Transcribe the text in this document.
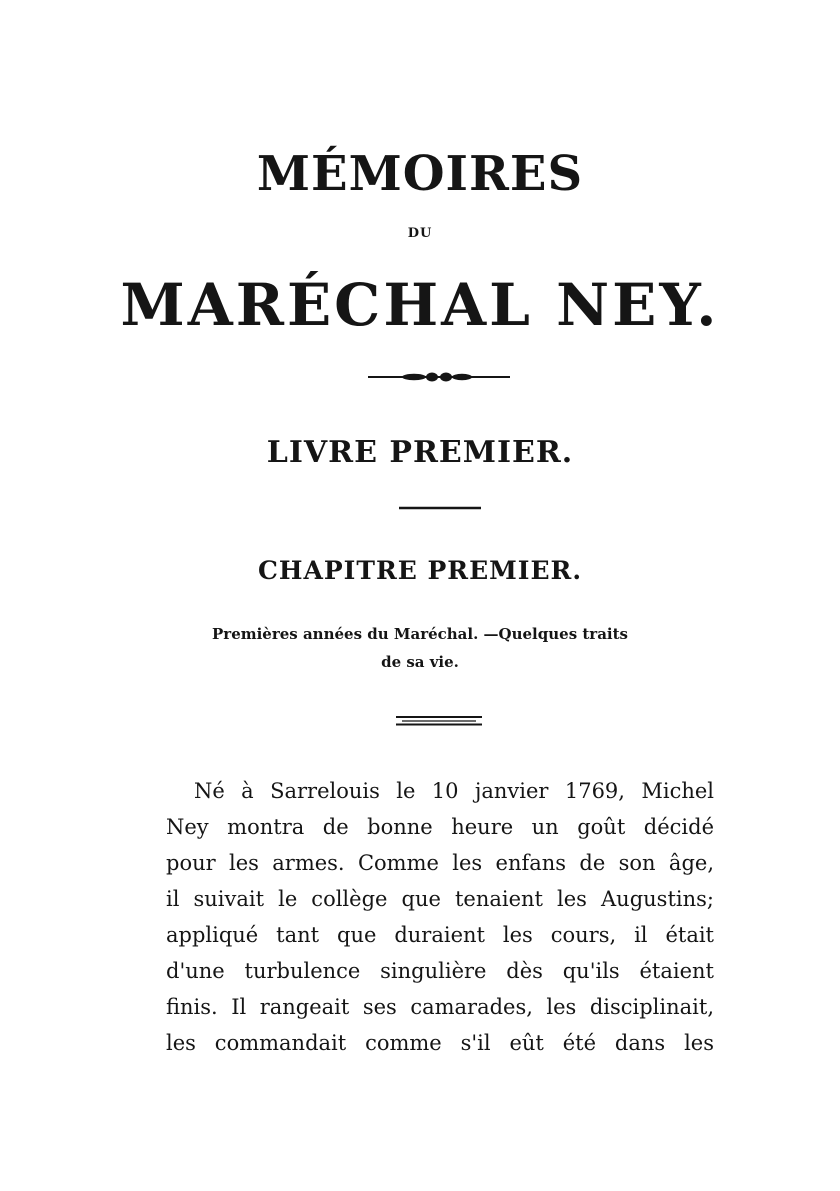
MÉMOIRES
DU
MARÉCHAL NEY.
LIVRE PREMIER.
CHAPITRE PREMIER.
Premières années du Maréchal. —Quelques traits
de sa vie.
Né à Sarrelouis le 10 janvier 1769, Michel
Ney montra de bonne heure un goût décidé
pour les armes. Comme les enfans de son âge,
il suivait le collège que tenaient les Augustins;
appliqué tant que duraient les cours, il était
d'une turbulence singulière dès qu'ils étaient
finis. Il rangeait ses camarades, les disciplinait,
les commandait comme s'il eût été dans les
